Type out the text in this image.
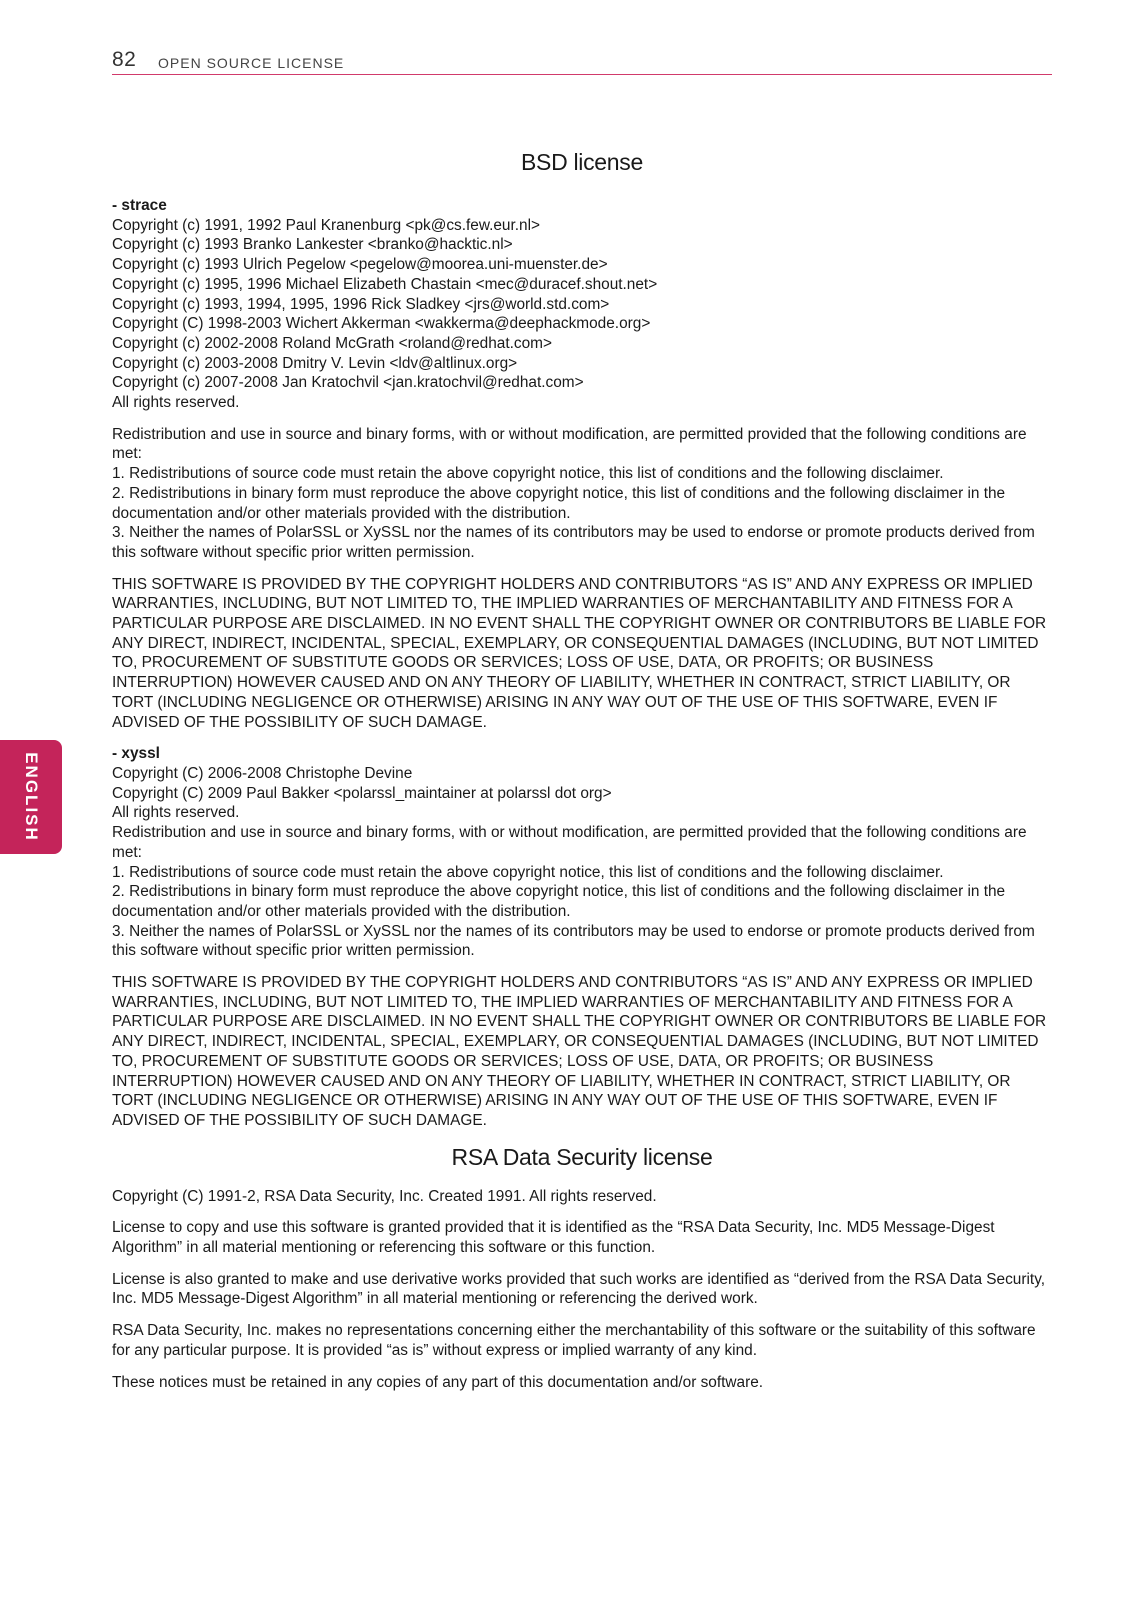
82 OPEN SOURCE LICENSE
ENGLISH
BSD license
- strace
Copyright (c) 1991, 1992 Paul Kranenburg <pk@cs.few.eur.nl>
Copyright (c) 1993 Branko Lankester <branko@hacktic.nl>
Copyright (c) 1993 Ulrich Pegelow <pegelow@moorea.uni-muenster.de>
Copyright (c) 1995, 1996 Michael Elizabeth Chastain <mec@duracef.shout.net>
Copyright (c) 1993, 1994, 1995, 1996 Rick Sladkey <jrs@world.std.com>
Copyright (C) 1998-2003 Wichert Akkerman <wakkerma@deephackmode.org>
Copyright (c) 2002-2008 Roland McGrath <roland@redhat.com>
Copyright (c) 2003-2008 Dmitry V. Levin <ldv@altlinux.org>
Copyright (c) 2007-2008 Jan Kratochvil <jan.kratochvil@redhat.com>
All rights reserved.
Redistribution and use in source and binary forms, with or without modification, are permitted provided that the following conditions are met:
1. Redistributions of source code must retain the above copyright notice, this list of conditions and the following disclaimer.
2. Redistributions in binary form must reproduce the above copyright notice, this list of conditions and the following disclaimer in the documentation and/or other materials provided with the distribution.
3. Neither the names of PolarSSL or XySSL nor the names of its contributors may be used to endorse or promote products derived from this software without specific prior written permission.

THIS SOFTWARE IS PROVIDED BY THE COPYRIGHT HOLDERS AND CONTRIBUTORS “AS IS” AND ANY EXPRESS OR IMPLIED WARRANTIES, INCLUDING, BUT NOT LIMITED TO, THE IMPLIED WARRANTIES OF MERCHANTABILITY AND FITNESS FOR A PARTICULAR PURPOSE ARE DISCLAIMED. IN NO EVENT SHALL THE COPYRIGHT OWNER OR CONTRIBUTORS BE LIABLE FOR ANY DIRECT, INDIRECT, INCIDENTAL, SPECIAL, EXEMPLARY, OR CONSEQUENTIAL DAMAGES (INCLUDING, BUT NOT LIMITED TO, PROCUREMENT OF SUBSTITUTE GOODS OR SERVICES; LOSS OF USE, DATA, OR PROFITS; OR BUSINESS INTERRUPTION) HOWEVER CAUSED AND ON ANY THEORY OF LIABILITY, WHETHER IN CONTRACT, STRICT LIABILITY, OR TORT (INCLUDING NEGLIGENCE OR OTHERWISE) ARISING IN ANY WAY OUT OF THE USE OF THIS SOFTWARE, EVEN IF ADVISED OF THE POSSIBILITY OF SUCH DAMAGE.

- xyssl
Copyright (C) 2006-2008 Christophe Devine
Copyright (C) 2009 Paul Bakker <polarssl_maintainer at polarssl dot org>
All rights reserved.
Redistribution and use in source and binary forms, with or without modification, are permitted provided that the following conditions are met:
1. Redistributions of source code must retain the above copyright notice, this list of conditions and the following disclaimer.
2. Redistributions in binary form must reproduce the above copyright notice, this list of conditions and the following disclaimer in the documentation and/or other materials provided with the distribution.
3. Neither the names of PolarSSL or XySSL nor the names of its contributors may be used to endorse or promote products derived from this software without specific prior written permission.

THIS SOFTWARE IS PROVIDED BY THE COPYRIGHT HOLDERS AND CONTRIBUTORS “AS IS” AND ANY EXPRESS OR IMPLIED WARRANTIES, INCLUDING, BUT NOT LIMITED TO, THE IMPLIED WARRANTIES OF MERCHANTABILITY AND FITNESS FOR A PARTICULAR PURPOSE ARE DISCLAIMED. IN NO EVENT SHALL THE COPYRIGHT OWNER OR CONTRIBUTORS BE LIABLE FOR ANY DIRECT, INDIRECT, INCIDENTAL, SPECIAL, EXEMPLARY, OR CONSEQUENTIAL DAMAGES (INCLUDING, BUT NOT LIMITED TO, PROCUREMENT OF SUBSTITUTE GOODS OR SERVICES; LOSS OF USE, DATA, OR PROFITS; OR BUSINESS INTERRUPTION) HOWEVER CAUSED AND ON ANY THEORY OF LIABILITY, WHETHER IN CONTRACT, STRICT LIABILITY, OR TORT (INCLUDING NEGLIGENCE OR OTHERWISE) ARISING IN ANY WAY OUT OF THE USE OF THIS SOFTWARE, EVEN IF ADVISED OF THE POSSIBILITY OF SUCH DAMAGE.

RSA Data Security license

Copyright (C) 1991-2, RSA Data Security, Inc. Created 1991. All rights reserved.

License to copy and use this software is granted provided that it is identified as the “RSA Data Security, Inc. MD5 Message-Digest Algorithm” in all material mentioning or referencing this software or this function.

License is also granted to make and use derivative works provided that such works are identified as “derived from the RSA Data Security, Inc. MD5 Message-Digest Algorithm” in all material mentioning or referencing the derived work.

RSA Data Security, Inc. makes no representations concerning either the merchantability of this software or the suitability of this software for any particular purpose. It is provided “as is” without express or implied warranty of any kind.

These notices must be retained in any copies of any part of this documentation and/or software.
